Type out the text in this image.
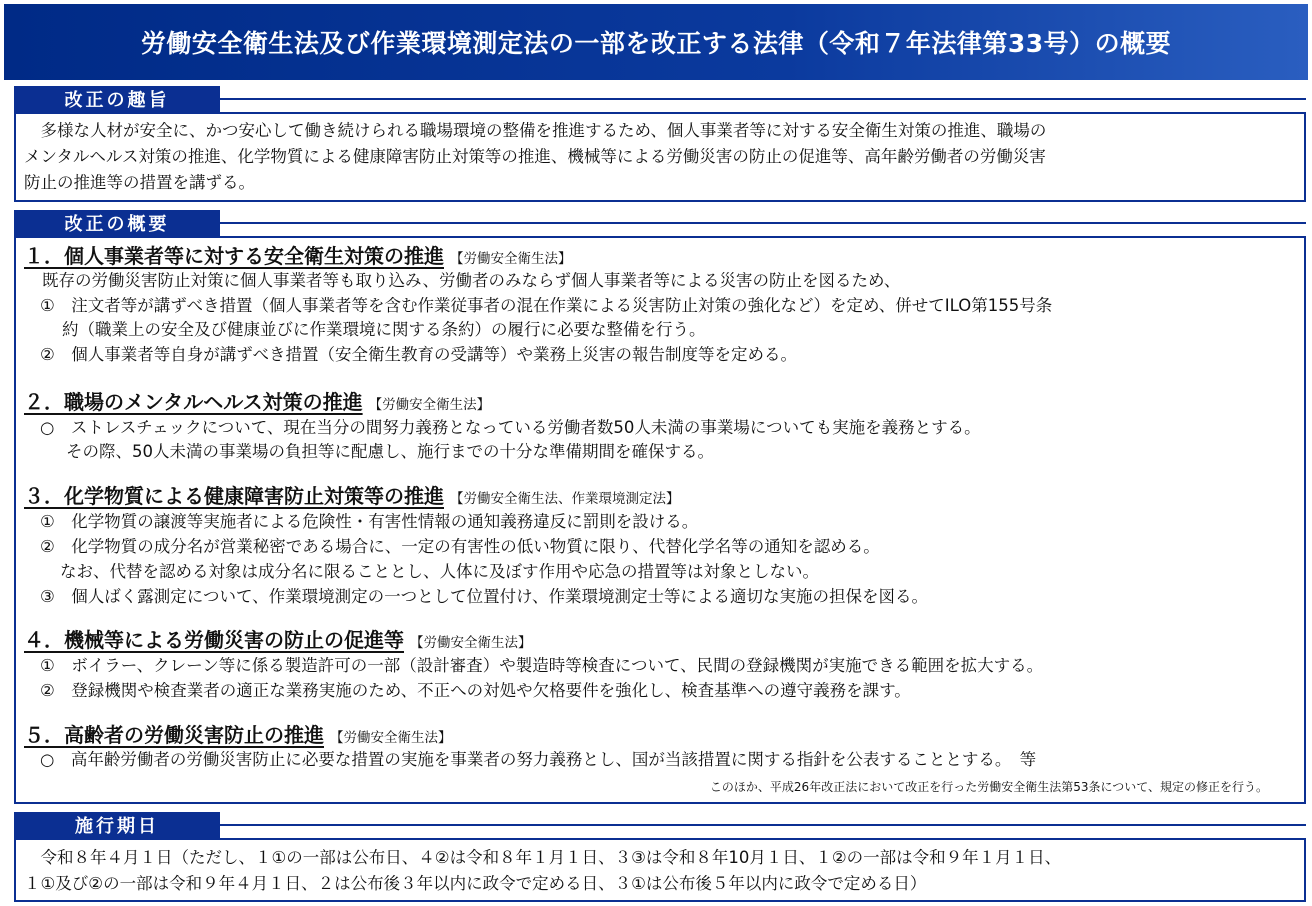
労働安全衛生法及び作業環境測定法の一部を改正する法律（令和７年法律第33号）の概要
改正の趣旨
　多様な人材が安全に、かつ安心して働き続けられる職場環境の整備を推進するため、個人事業者等に対する安全衛生対策の推進、職場の
メンタルヘルス対策の推進、化学物質による健康障害防止対策等の推進、機械等による労働災害の防止の促進等、高年齢労働者の労働災害
防止の推進等の措置を講ずる。
改正の概要
１．個人事業者等に対する安全衛生対策の推進 【労働安全衛生法】
既存の労働災害防止対策に個人事業者等も取り込み、労働者のみならず個人事業者等による災害の防止を図るため、
①　注文者等が講ずべき措置（個人事業者等を含む作業従事者の混在作業による災害防止対策の強化など）を定め、併せてILO第155号条
約（職業上の安全及び健康並びに作業環境に関する条約）の履行に必要な整備を行う。
②　個人事業者等自身が講ずべき措置（安全衛生教育の受講等）や業務上災害の報告制度等を定める。
２．職場のメンタルヘルス対策の推進 【労働安全衛生法】
○　ストレスチェックについて、現在当分の間努力義務となっている労働者数50人未満の事業場についても実施を義務とする。
その際、50人未満の事業場の負担等に配慮し、施行までの十分な準備期間を確保する。
３．化学物質による健康障害防止対策等の推進 【労働安全衛生法、作業環境測定法】
①　化学物質の譲渡等実施者による危険性・有害性情報の通知義務違反に罰則を設ける。
②　化学物質の成分名が営業秘密である場合に、一定の有害性の低い物質に限り、代替化学名等の通知を認める。
なお、代替を認める対象は成分名に限ることとし、人体に及ぼす作用や応急の措置等は対象としない。
③　個人ばく露測定について、作業環境測定の一つとして位置付け、作業環境測定士等による適切な実施の担保を図る。
４．機械等による労働災害の防止の促進等 【労働安全衛生法】
①　ボイラー、クレーン等に係る製造許可の一部（設計審査）や製造時等検査について、民間の登録機関が実施できる範囲を拡大する。
②　登録機関や検査業者の適正な業務実施のため、不正への対処や欠格要件を強化し、検査基準への遵守義務を課す。
５．高齢者の労働災害防止の推進 【労働安全衛生法】
○　高年齢労働者の労働災害防止に必要な措置の実施を事業者の努力義務とし、国が当該措置に関する指針を公表することとする。　等
このほか、平成26年改正法において改正を行った労働安全衛生法第53条について、規定の修正を行う。
施行期日
　令和８年４月１日（ただし、１①の一部は公布日、４②は令和８年１月１日、３③は令和８年10月１日、１②の一部は令和９年１月１日、
１①及び②の一部は令和９年４月１日、２は公布後３年以内に政令で定める日、３①は公布後５年以内に政令で定める日）
